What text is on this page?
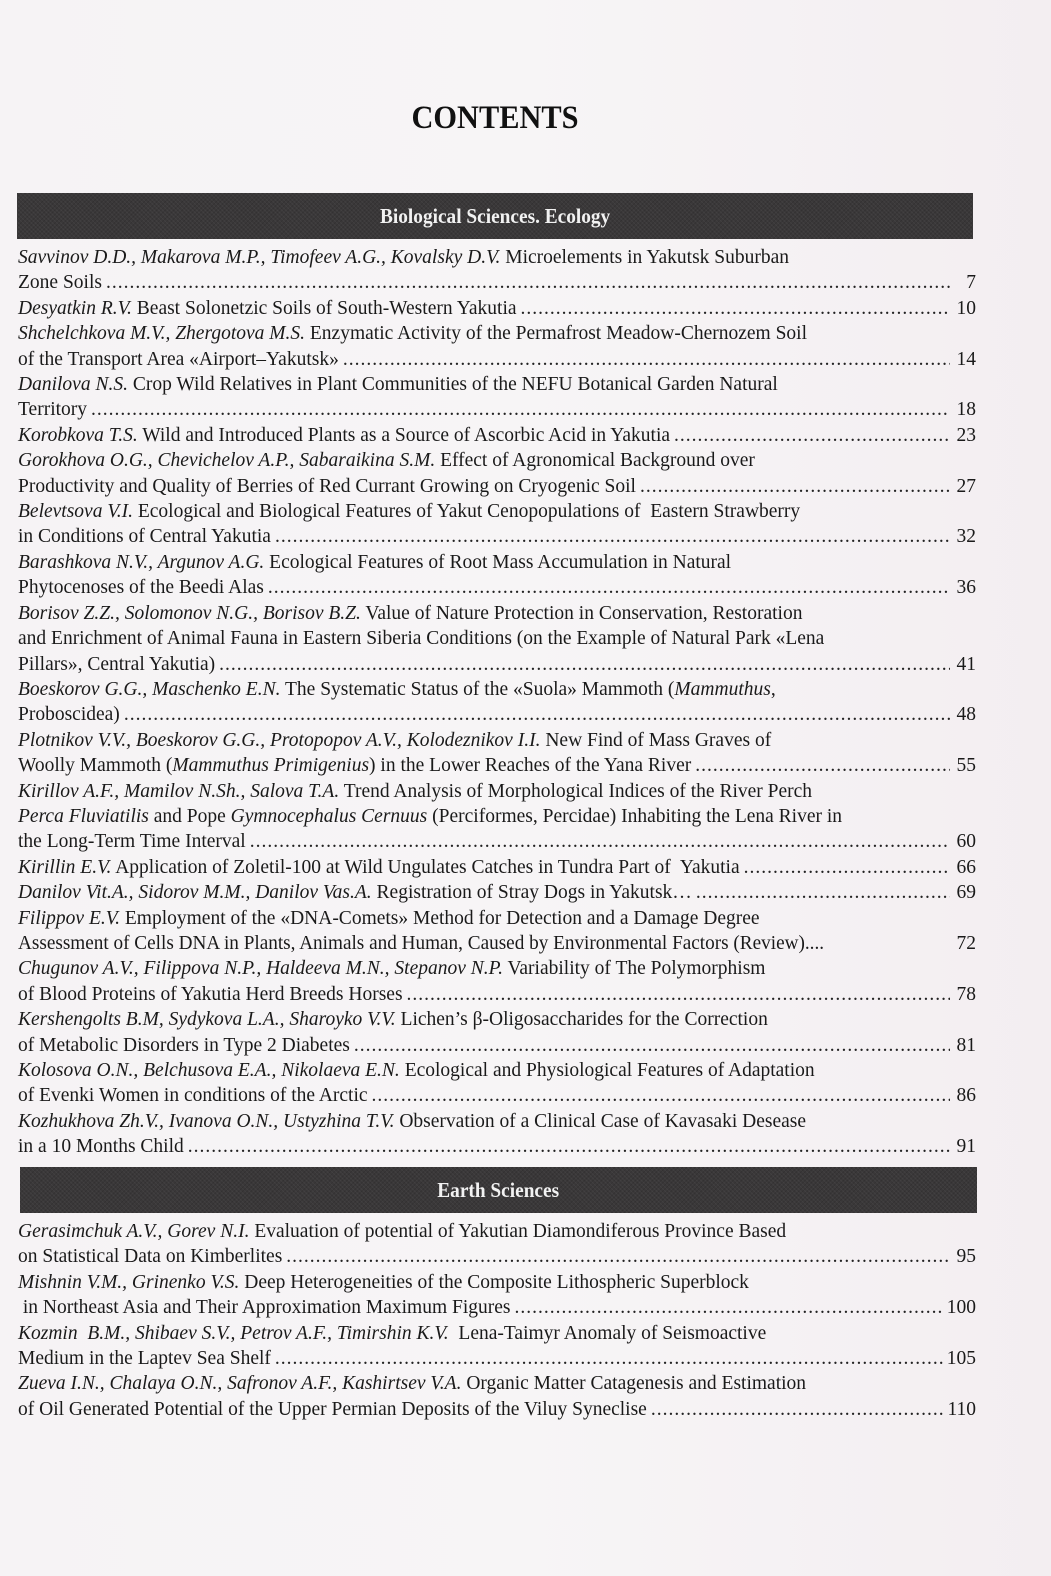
CONTENTS
Biological Sciences. Ecology
Savvinov D.D., Makarova M.P., Timofeev A.G., Kovalsky D.V. Microelements in Yakutsk Suburban
Zone Soils .....	7
Desyatkin R.V. Beast Solonetzic Soils of South-Western Yakutia .....	10
Shchelchkova M.V., Zhergotova M.S. Enzymatic Activity of the Permafrost Meadow-Chernozem Soil
of the Transport Area «Airport–Yakutsk» .....	14
Danilova N.S. Crop Wild Relatives in Plant Communities of the NEFU Botanical Garden Natural
Territory .....	18
Korobkova T.S. Wild and Introduced Plants as a Source of Ascorbic Acid in Yakutia .....	23
Gorokhova O.G., Chevichelov A.P., Sabaraikina S.M. Effect of Agronomical Background over
Productivity and Quality of Berries of Red Currant Growing on Cryogenic Soil .....	27
Belevtsova V.I. Ecological and Biological Features of Yakut Cenopopulations of  Eastern Strawberry
in Conditions of Central Yakutia .....	32
Barashkova N.V., Argunov A.G. Ecological Features of Root Mass Accumulation in Natural
Phytocenoses of the Beedi Alas .....	36
Borisov Z.Z., Solomonov N.G., Borisov B.Z. Value of Nature Protection in Conservation, Restoration
and Enrichment of Animal Fauna in Eastern Siberia Conditions (on the Example of Natural Park «Lena
Pillars», Central Yakutia) .....	41
Boeskorov G.G., Maschenko E.N. The Systematic Status of the «Suola» Mammoth (Mammuthus,
Proboscidea) .....	48
Plotnikov V.V., Boeskorov G.G., Protopopov A.V., Kolodeznikov I.I. New Find of Mass Graves of
Woolly Mammoth (Mammuthus Primigenius) in the Lower Reaches of the Yana River .....	55
Kirillov A.F., Mamilov N.Sh., Salova T.A. Trend Analysis of Morphological Indices of the River Perch
Perca Fluviatilis and Pope Gymnocephalus Cernuus (Perciformes, Percidae) Inhabiting the Lena River in
the Long-Term Time Interval .....	60
Kirillin E.V. Application of Zoletil-100 at Wild Ungulates Catches in Tundra Part of  Yakutia .....	66
Danilov Vit.A., Sidorov M.M., Danilov Vas.A. Registration of Stray Dogs in Yakutsk… .....	69
Filippov E.V. Employment of the «DNA-Comets» Method for Detection and a Damage Degree
Assessment of Cells DNA in Plants, Animals and Human, Caused by Environmental Factors (Review)....	72
Chugunov A.V., Filippova N.P., Haldeeva M.N., Stepanov N.P. Variability of The Polymorphism
of Blood Proteins of Yakutia Herd Breeds Horses .....	78
Kershengolts B.M, Sydykova L.A., Sharoyko V.V. Lichen’s β-Oligosaccharides for the Correction
of Metabolic Disorders in Type 2 Diabetes .....	81
Kolosova O.N., Belchusova E.A., Nikolaeva E.N. Ecological and Physiological Features of Adaptation
of Evenki Women in conditions of the Arctic .....	86
Kozhukhova Zh.V., Ivanova O.N., Ustyzhina T.V. Observation of a Clinical Case of Kavasaki Desease
in a 10 Months Child .....	91
Earth Sciences
Gerasimchuk A.V., Gorev N.I. Evaluation of potential of Yakutian Diamondiferous Province Based
on Statistical Data on Kimberlites .....	95
Mishnin V.M., Grinenko V.S. Deep Heterogeneities of the Composite Lithospheric Superblock
in Northeast Asia and Their Approximation Maximum Figures .....	100
Kozmin  B.M., Shibaev S.V., Petrov A.F., Timirshin K.V.  Lena-Taimyr Anomaly of Seismoactive
Medium in the Laptev Sea Shelf .....	105
Zueva I.N., Chalaya O.N., Safronov A.F., Kashirtsev V.A. Organic Matter Catagenesis and Estimation
of Oil Generated Potential of the Upper Permian Deposits of the Viluy Syneclise .....	110
